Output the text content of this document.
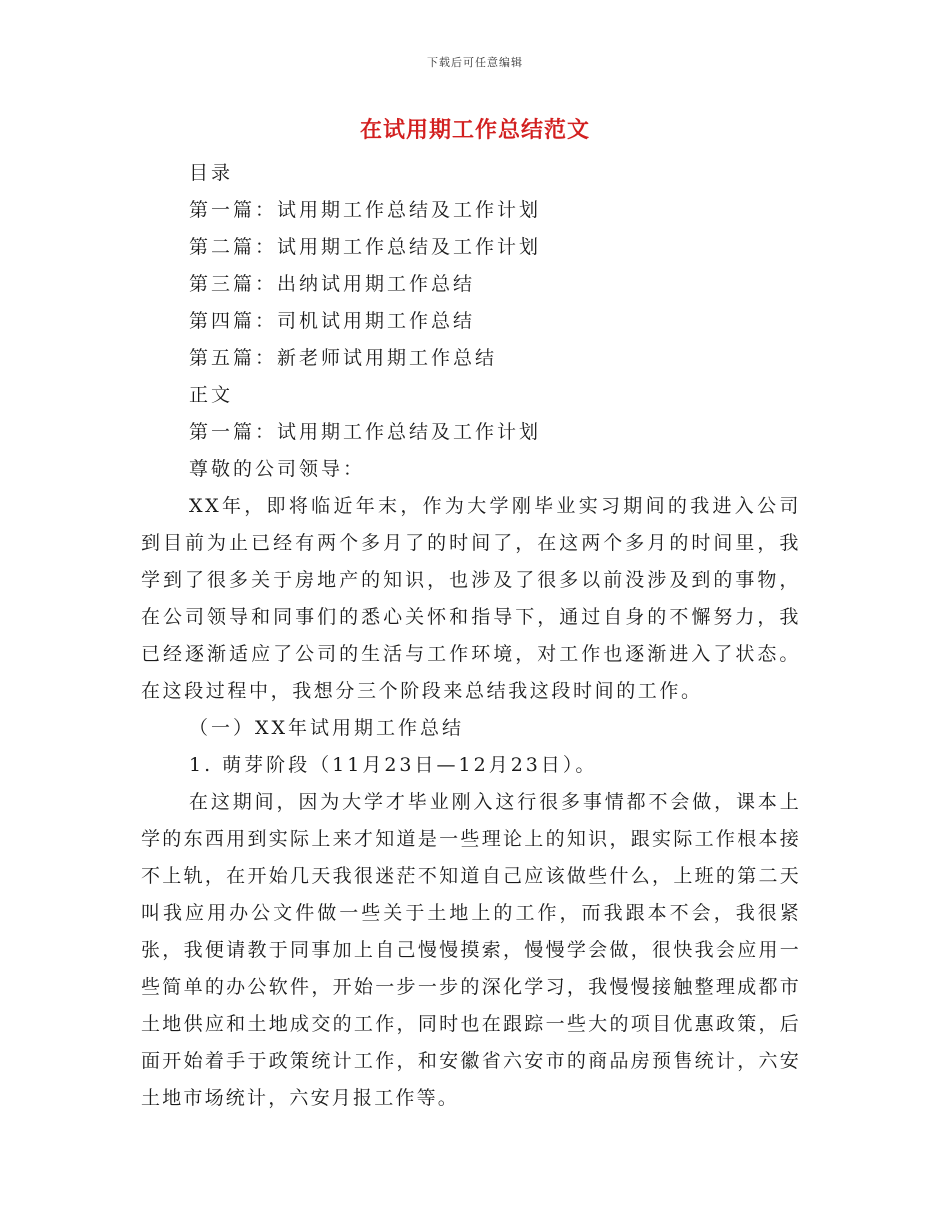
下载后可任意编辑
在试用期工作总结范文
目录
第一篇：试用期工作总结及工作计划
第二篇：试用期工作总结及工作计划
第三篇：出纳试用期工作总结
第四篇：司机试用期工作总结
第五篇：新老师试用期工作总结
正文
第一篇：试用期工作总结及工作计划
尊敬的公司领导：

XX年，即将临近年末，作为大学刚毕业实习期间的我进入公司到目前为止已经有两个多月了的时间了，在这两个多月的时间里，我学到了很多关于房地产的知识，也涉及了很多以前没涉及到的事物，在公司领导和同事们的悉心关怀和指导下，通过自身的不懈努力，我已经逐渐适应了公司的生活与工作环境，对工作也逐渐进入了状态。在这段过程中，我想分三个阶段来总结我这段时间的工作。

（一）XX年试用期工作总结
1. 萌芽阶段（11月23日—12月23日）。

在这期间，因为大学才毕业刚入这行很多事情都不会做，课本上学的东西用到实际上来才知道是一些理论上的知识，跟实际工作根本接不上轨，在开始几天我很迷茫不知道自己应该做些什么，上班的第二天叫我应用办公文件做一些关于土地上的工作，而我跟本不会，我很紧张，我便请教于同事加上自己慢慢摸索，慢慢学会做，很快我会应用一些简单的办公软件，开始一步一步的深化学习，我慢慢接触整理成都市土地供应和土地成交的工作，同时也在跟踪一些大的项目优惠政策，后面开始着手于政策统计工作，和安徽省六安市的商品房预售统计，六安土地市场统计，六安月报工作等。
